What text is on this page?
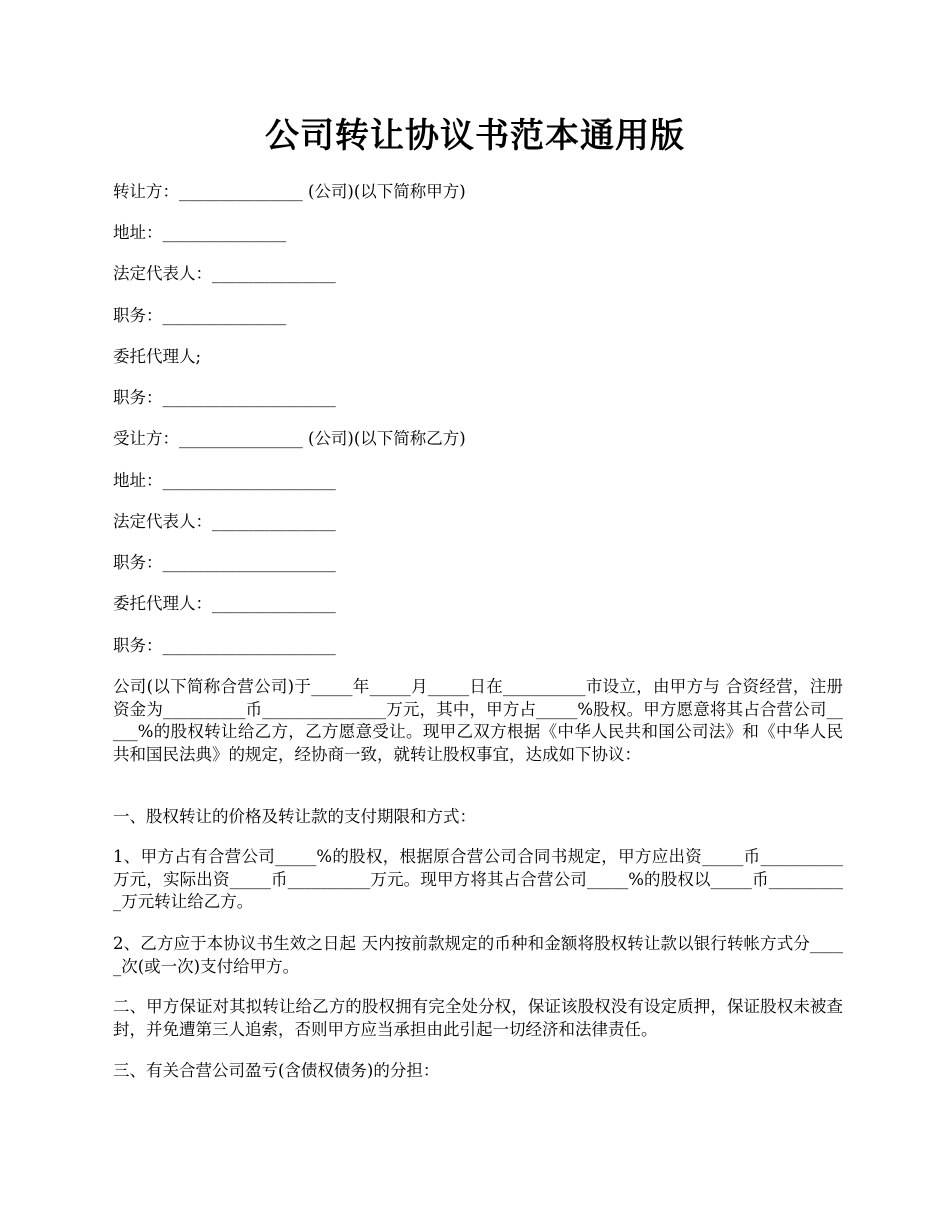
公司转让协议书范本通用版

转让方：_______________ (公司)(以下简称甲方)

地址：_______________

法定代表人：_______________

职务：_______________

委托代理人;

职务：_____________________

受让方：_______________ (公司)(以下简称乙方)

地址：_____________________

法定代表人：_______________

职务：_____________________

委托代理人：_______________

职务：_____________________

公司(以下简称合营公司)于_____年_____月_____日在__________市设立，由甲方与 合资经营，注册资金为__________币_______________万元，其中，甲方占_____%股权。甲方愿意将其占合营公司_____%的股权转让给乙方，乙方愿意受让。现甲乙双方根据《中华人民共和国公司法》和《中华人民共和国民法典》的规定，经协商一致，就转让股权事宜，达成如下协议：

一、股权转让的价格及转让款的支付期限和方式：

1、甲方占有合营公司_____%的股权，根据原合营公司合同书规定，甲方应出资_____币__________万元，实际出资_____币__________万元。现甲方将其占合营公司_____%的股权以_____币__________万元转让给乙方。

2、乙方应于本协议书生效之日起 天内按前款规定的币种和金额将股权转让款以银行转帐方式分_____次(或一次)支付给甲方。

二、甲方保证对其拟转让给乙方的股权拥有完全处分权，保证该股权没有设定质押，保证股权未被查封，并免遭第三人追索，否则甲方应当承担由此引起一切经济和法律责任。

三、有关合营公司盈亏(含债权债务)的分担：
